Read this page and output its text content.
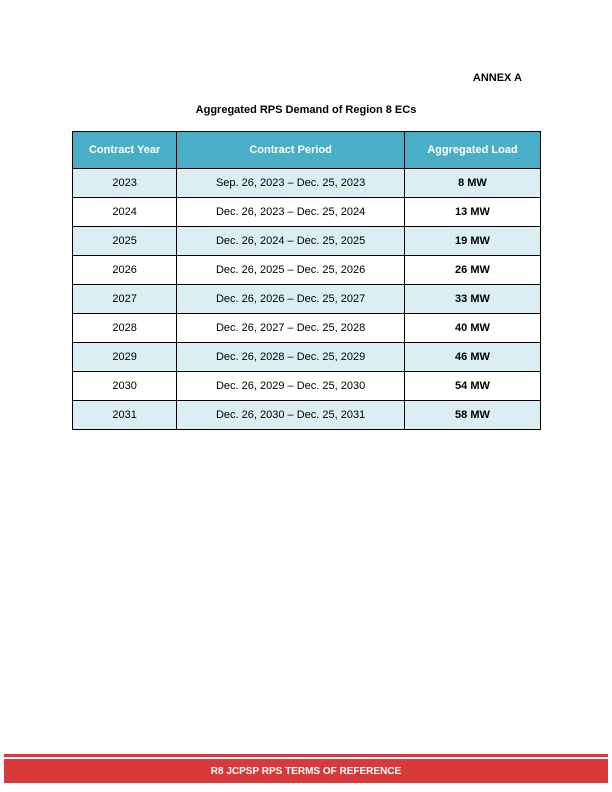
ANNEX A
Aggregated RPS Demand of Region 8 ECs
Contract Year	Contract Period	Aggregated Load
2023	Sep. 26, 2023 – Dec. 25, 2023	8 MW
2024	Dec. 26, 2023 – Dec. 25, 2024	13 MW
2025	Dec. 26, 2024 – Dec. 25, 2025	19 MW
2026	Dec. 26, 2025 – Dec. 25, 2026	26 MW
2027	Dec. 26, 2026 – Dec. 25, 2027	33 MW
2028	Dec. 26, 2027 – Dec. 25, 2028	40 MW
2029	Dec. 26, 2028 – Dec. 25, 2029	46 MW
2030	Dec. 26, 2029 – Dec. 25, 2030	54 MW
2031	Dec. 26, 2030 – Dec. 25, 2031	58 MW
R8 JCPSP RPS TERMS OF REFERENCE
